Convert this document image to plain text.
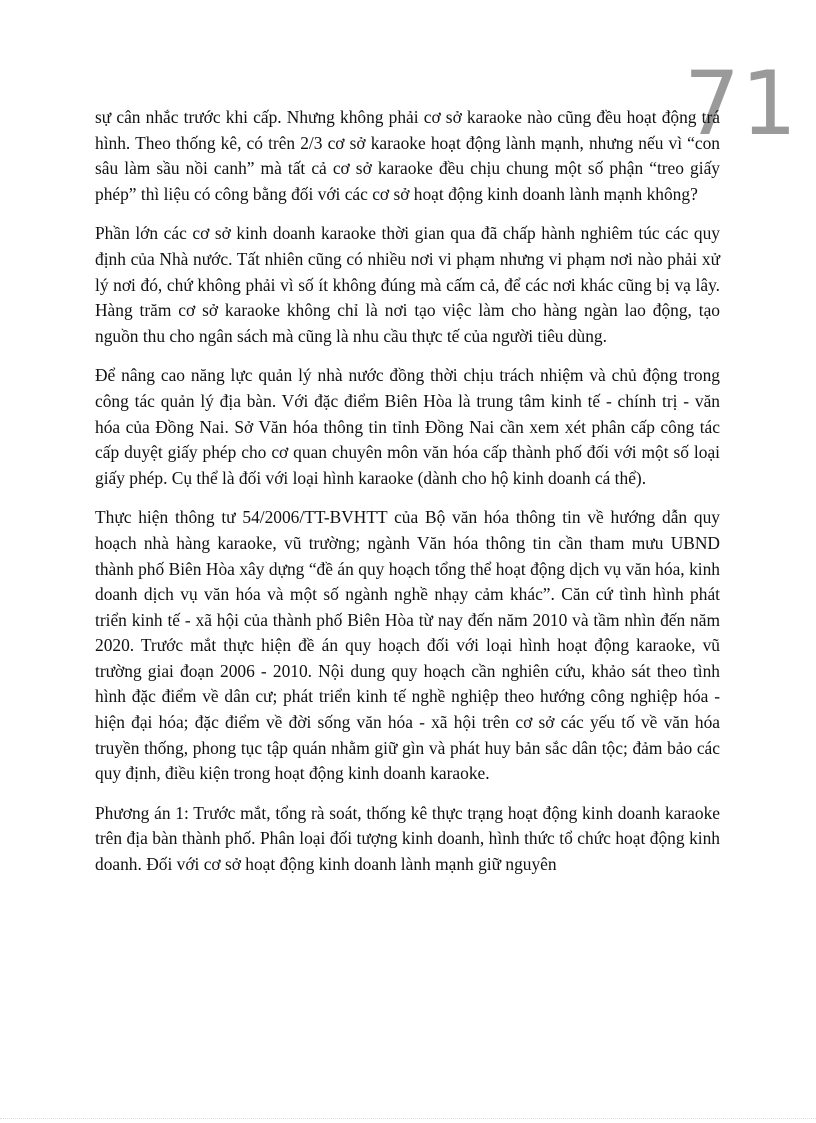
71

sự cân nhắc trước khi cấp. Nhưng không phải cơ sở karaoke nào cũng đều hoạt động trá hình. Theo thống kê, có trên 2/3 cơ sở karaoke hoạt động lành mạnh, nhưng nếu vì “con sâu làm sầu nồi canh” mà tất cả cơ sở karaoke đều chịu chung một số phận “treo giấy phép” thì liệu có công bằng đối với các cơ sở hoạt động kinh doanh lành mạnh không?

Phần lớn các cơ sở kinh doanh karaoke thời gian qua đã chấp hành nghiêm túc các quy định của Nhà nước. Tất nhiên cũng có nhiều nơi vi phạm nhưng vi phạm nơi nào phải xử lý nơi đó, chứ không phải vì số ít không đúng mà cấm cả, để các nơi khác cũng bị vạ lây. Hàng trăm cơ sở karaoke không chỉ là nơi tạo việc làm cho hàng ngàn lao động, tạo nguồn thu cho ngân sách mà cũng là nhu cầu thực tế của người tiêu dùng.

Để nâng cao năng lực quản lý nhà nước đồng thời chịu trách nhiệm và chủ động trong công tác quản lý địa bàn. Với đặc điểm Biên Hòa là trung tâm kinh tế - chính trị - văn hóa của Đồng Nai. Sở Văn hóa thông tin tỉnh Đồng Nai cần xem xét phân cấp công tác cấp duyệt giấy phép cho cơ quan chuyên môn văn hóa cấp thành phố đối với một số loại giấy phép. Cụ thể là đối với loại hình karaoke (dành cho hộ kinh doanh cá thể).

Thực hiện thông tư 54/2006/TT-BVHTT của Bộ văn hóa thông tin về hướng dẫn quy hoạch nhà hàng karaoke, vũ trường; ngành Văn hóa thông tin cần tham mưu UBND thành phố Biên Hòa xây dựng “đề án quy hoạch tổng thể hoạt động dịch vụ văn hóa, kinh doanh dịch vụ văn hóa và một số ngành nghề nhạy cảm khác”. Căn cứ tình hình phát triển kinh tế - xã hội của thành phố Biên Hòa từ nay đến năm 2010 và tầm nhìn đến năm 2020. Trước mắt thực hiện đề án quy hoạch đối với loại hình hoạt động karaoke, vũ trường giai đoạn 2006 - 2010. Nội dung quy hoạch cần nghiên cứu, khảo sát theo tình hình đặc điểm về dân cư; phát triển kinh tế nghề nghiệp theo hướng công nghiệp hóa - hiện đại hóa; đặc điểm về đời sống văn hóa - xã hội trên cơ sở các yếu tố về văn hóa truyền thống, phong tục tập quán nhằm giữ gìn và phát huy bản sắc dân tộc; đảm bảo các quy định, điều kiện trong hoạt động kinh doanh karaoke.

Phương án 1: Trước mắt, tổng rà soát, thống kê thực trạng hoạt động kinh doanh karaoke trên địa bàn thành phố. Phân loại đối tượng kinh doanh, hình thức tổ chức hoạt động kinh doanh. Đối với cơ sở hoạt động kinh doanh lành mạnh giữ nguyên
